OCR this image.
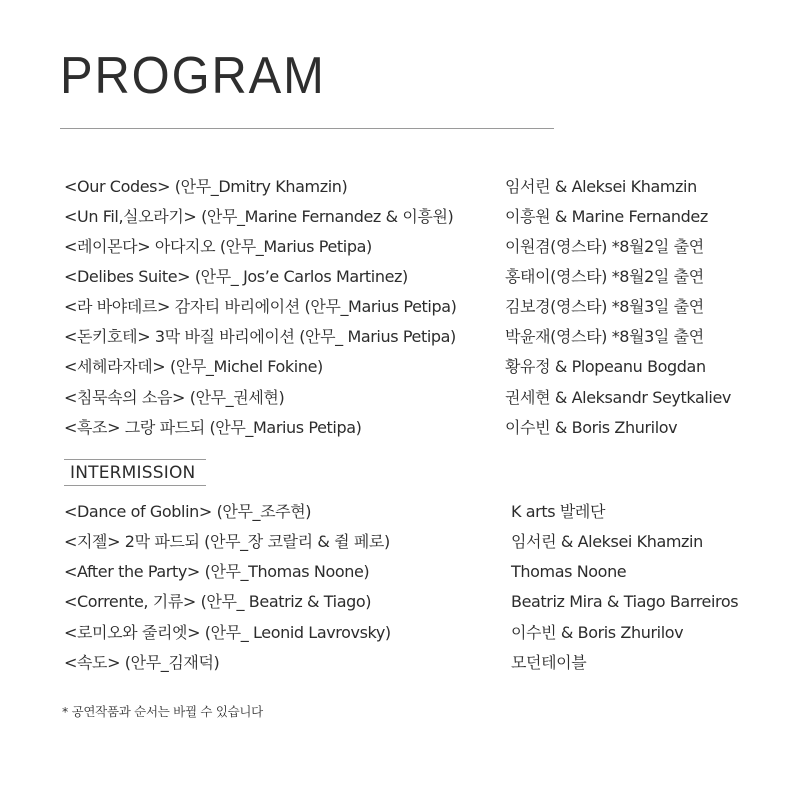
PROGRAM
<Our Codes> (안무_Dmitry Khamzin)	임서린 & Aleksei Khamzin
<Un Fil,실오라기> (안무_Marine Fernandez & 이흥원)	이흥원 & Marine Fernandez
<레이몬다> 아다지오 (안무_Marius Petipa)	이원겸(영스타) *8월2일 출연
<Delibes Suite> (안무_ Jos’e Carlos Martinez)	홍태이(영스타) *8월2일 출연
<라 바야데르> 감자티 바리에이션 (안무_Marius Petipa)	김보경(영스타) *8월3일 출연
<돈키호테> 3막 바질 바리에이션 (안무_ Marius Petipa)	박윤재(영스타) *8월3일 출연
<세헤라자데> (안무_Michel Fokine)	황유정 & Plopeanu Bogdan
<침묵속의 소음> (안무_권세현)	권세현 & Aleksandr Seytkaliev
<흑조> 그랑 파드되 (안무_Marius Petipa)	이수빈 & Boris Zhurilov
INTERMISSION
<Dance of Goblin> (안무_조주현)	K arts 발레단
<지젤> 2막 파드되 (안무_장 코랄리 & 쥘 페로)	임서린 & Aleksei Khamzin
<After the Party> (안무_Thomas Noone)	Thomas Noone
<Corrente, 기류> (안무_ Beatriz & Tiago)	Beatriz Mira & Tiago Barreiros
<로미오와 줄리엣> (안무_ Leonid Lavrovsky)	이수빈 & Boris Zhurilov
<속도> (안무_김재덕)	모던테이블
* 공연작품과 순서는 바뀔 수 있습니다
